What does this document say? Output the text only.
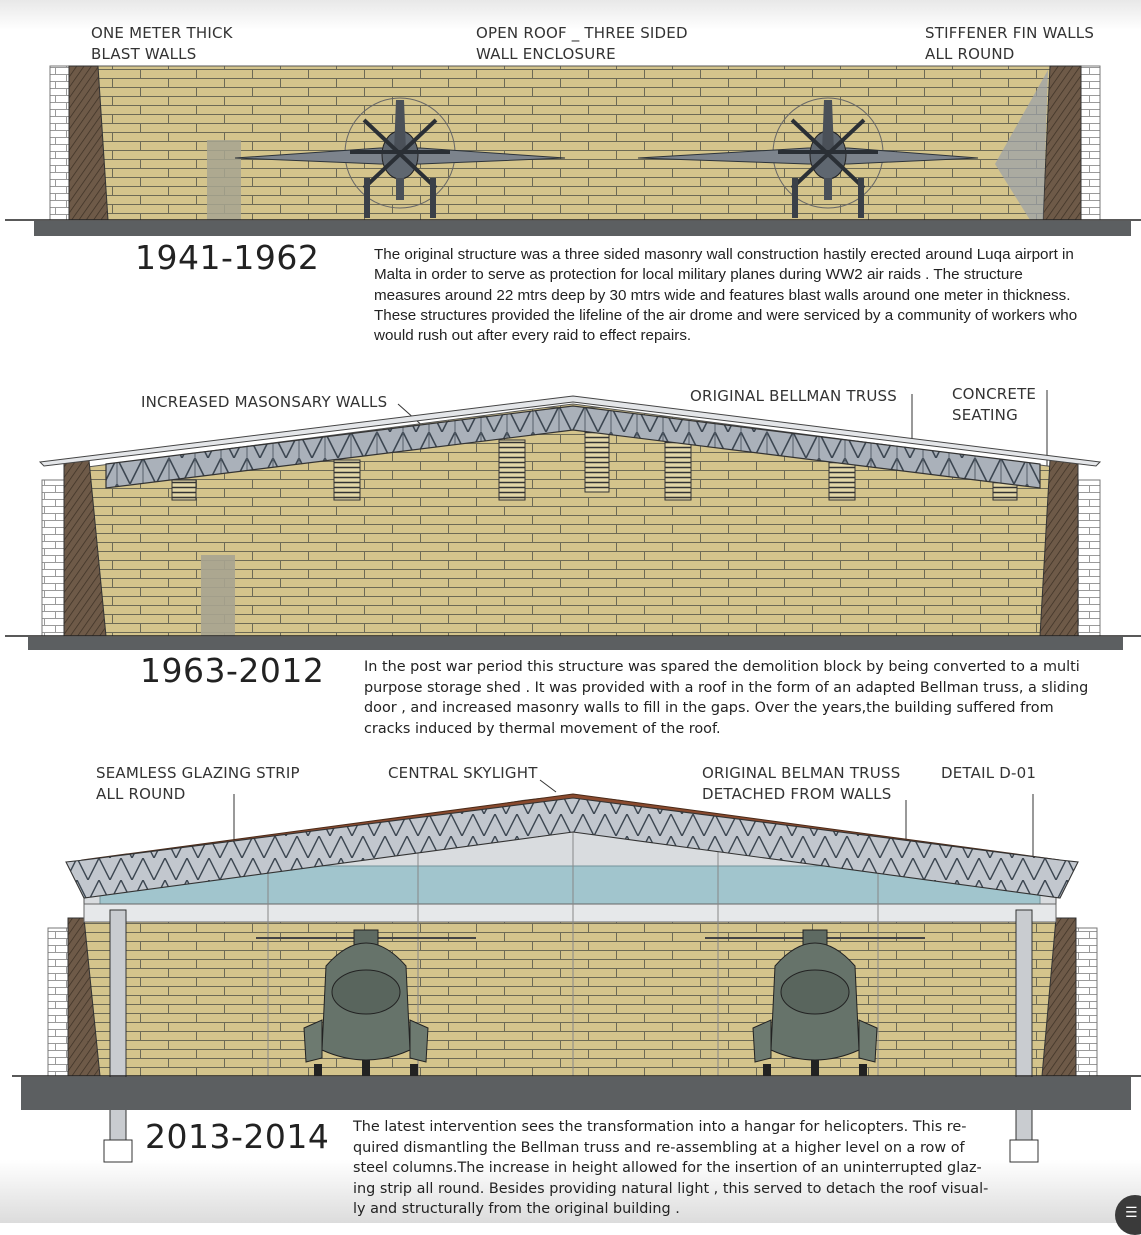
ONE METER THICK
BLAST WALLS
OPEN ROOF _ THREE SIDED
WALL ENCLOSURE
STIFFENER FIN WALLS
ALL ROUND
1941-1962	The original structure was a three sided masonry wall construction hastily erected around Luqa airport in Malta in order to serve as protection for local military planes during WW2 air raids . The structure measures around 22 mtrs deep by 30 mtrs wide and features blast walls around one meter in thickness. These structures provided the lifeline of the air drome and were serviced by a community of workers who would rush out after every raid to effect repairs.

INCREASED MASONSARY WALLS	ORIGINAL BELLMAN TRUSS	CONCRETE
SEATING
1963-2012	In the post war period this structure was spared the demolition block by being converted to a multi purpose storage shed . It was provided with a roof in the form of an adapted Bellman truss, a sliding door , and increased masonry walls to fill in the gaps. Over the years,the building suffered from cracks induced by thermal movement of the roof.

SEAMLESS GLAZING STRIP
ALL ROUND
CENTRAL SKYLIGHT	ORIGINAL BELMAN TRUSS
DETACHED FROM WALLS
DETAIL D-01
2013-2014 The latest intervention sees the transformation into a hangar for helicopters. This re-
quired dismantling the Bellman truss and re-assembling at a higher level on a row of
steel columns.The increase in height allowed for the insertion of an uninterrupted glaz-
ing strip all round. Besides providing natural light , this served to detach the roof visual-
ly and structurally from the original building .	☰
